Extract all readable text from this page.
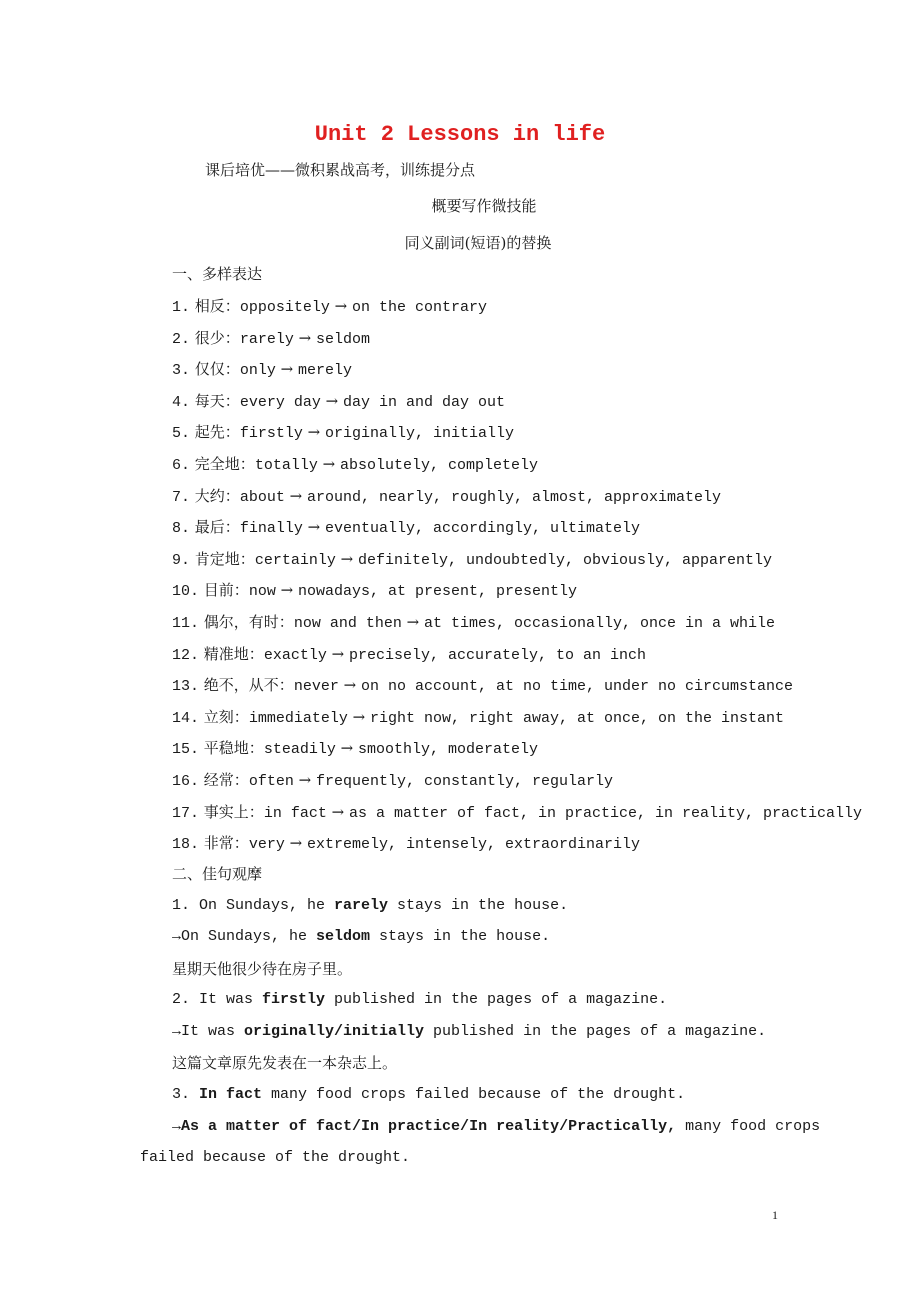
Unit 2 Lessons in life
课后培优——微积累战高考，训练提分点
概要写作微技能
同义副词(短语)的替换
一、多样表达
1. 相反：oppositely → on the contrary
2. 很少：rarely → seldom
3. 仅仅：only → merely
4. 每天：every day → day in and day out
5. 起先：firstly → originally, initially
6. 完全地：totally → absolutely, completely
7. 大约：about → around, nearly, roughly, almost, approximately
8. 最后：finally → eventually, accordingly, ultimately
9. 肯定地：certainly → definitely, undoubtedly, obviously, apparently
10. 目前：now → nowadays, at present, presently
11. 偶尔，有时：now and then → at times, occasionally, once in a while
12. 精准地：exactly → precisely, accurately, to an inch
13. 绝不，从不：never → on no account, at no time, under no circumstance
14. 立刻：immediately → right now, right away, at once, on the instant
15. 平稳地：steadily → smoothly, moderately
16. 经常：often → frequently, constantly, regularly
17. 事实上：in fact → as a matter of fact, in practice, in reality, practically
18. 非常：very → extremely, intensely, extraordinarily
二、佳句观摩
1. On Sundays, he rarely stays in the house.
→On Sundays, he seldom stays in the house.
星期天他很少待在房子里。
2. It was firstly published in the pages of a magazine.
→It was originally/initially published in the pages of a magazine.
这篇文章原先发表在一本杂志上。
3. In fact many food crops failed because of the drought.
→As a matter of fact/In practice/In reality/Practically, many food crops
failed because of the drought.
1
